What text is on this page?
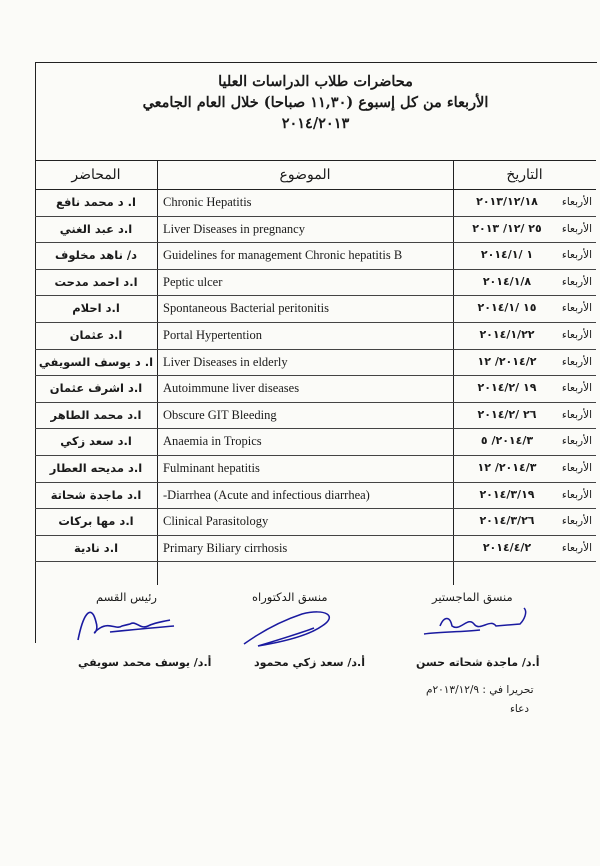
محاضرات طلاب الدراسات العليا
الأربعاء من كل إسبوع (١١,٣٠ صباحا) خلال العام الجامعي
٢٠١٤/٢٠١٣
المحاضر	الموضوع	التاريخ
ا. د محمد نافع	Chronic Hepatitis	٢٠١٣/١٢/١٨	الأربعاء
ا.د عبد الغني	Liver Diseases in pregnancy	٢٥ /١٢/ ٢٠١٣	الأربعاء
د/ ناهد مخلوف	Guidelines for management Chronic hepatitis B	١ /٢٠١٤/١	الأربعاء
ا.د احمد مدحت	Peptic ulcer	٢٠١٤/١/٨	الأربعاء
ا.د احلام	Spontaneous Bacterial peritonitis	١٥ /٢٠١٤/١	الأربعاء
ا.د عثمان	Portal Hypertention	٢٠١٤/١/٢٢	الأربعاء
ا. د يوسف السويفي Liver Diseases in elderly	٢٠١٤/٢/ ١٢	الأربعاء
ا.د اشرف عثمان	Autoimmune liver diseases	١٩ /٢٠١٤/٢	الأربعاء
ا.د محمد الطاهر	Obscure GIT Bleeding	٢٦ /٢٠١٤/٢	الأربعاء
ا.د سعد زكي	Anaemia in Tropics	٢٠١٤/٣/ ٥	الأربعاء
ا.د مديحه العطار	Fulminant hepatitis	٢٠١٤/٣/ ١٢	الأربعاء
ا.د ماجدة شحاتة	-Diarrhea (Acute and infectious diarrhea)	٢٠١٤/٣/١٩	الأربعاء
ا.د مها بركات	Clinical Parasitology	٢٠١٤/٣/٢٦	الأربعاء
ا.د نادية	Primary Biliary cirrhosis	٢٠١٤/٤/٢	الأربعاء
رئيس القسم	منسق الدكتوراه	منسق الماجستير
أ.د/ يوسف محمد سويفي	أ.د/ سعد زكي محمود	أ.د/ ماجدة شحاته حسن
تحريرا في : ٢٠١٣/١٢/٩م
دعاء
